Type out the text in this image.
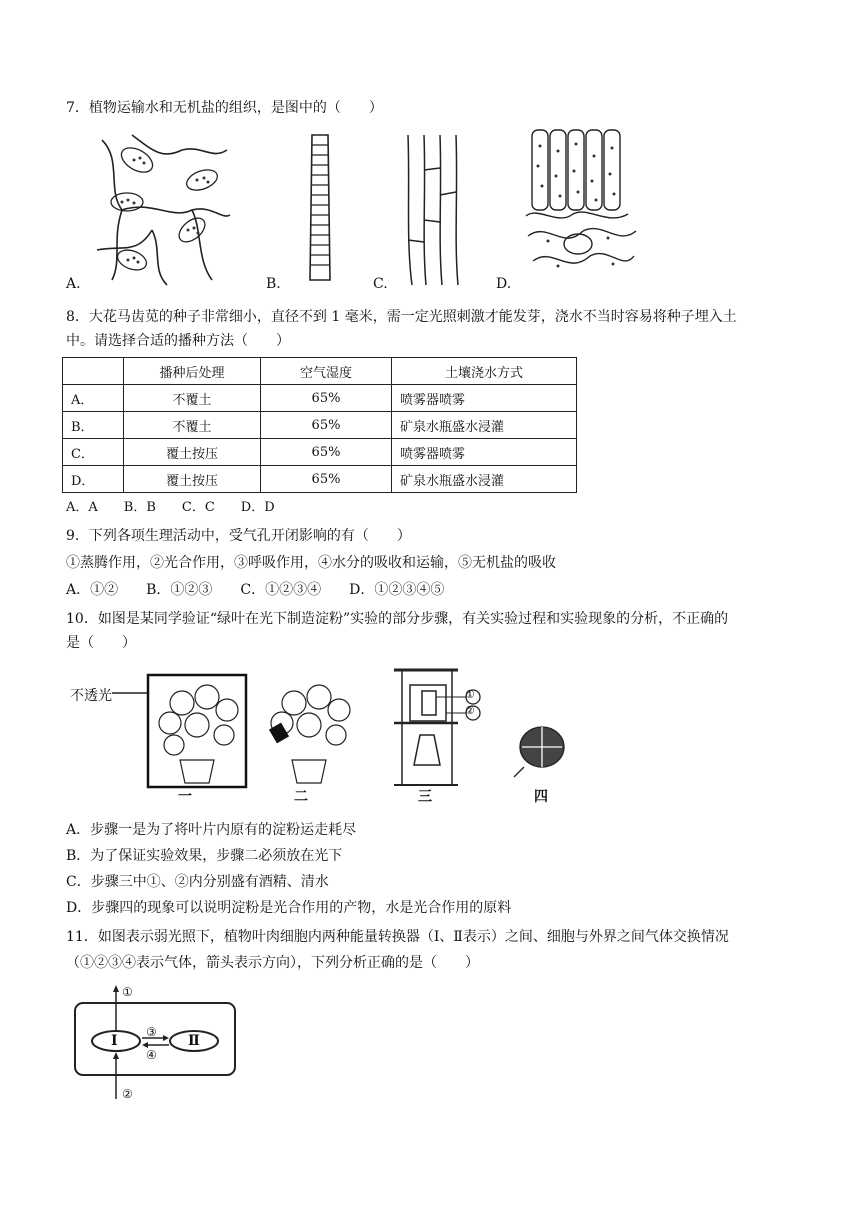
7．植物运输水和无机盐的组织，是图中的（　　）
A.	B.	C.	D.
8．大花马齿苋的种子非常细小，直径不到 1 毫米，需一定光照刺激才能发芽，浇水不当时容易将种子埋入土
中。请选择合适的播种方法（　　）
	播种后处理	空气湿度	土壤浇水方式
A．	不覆土	65%	喷雾器喷雾
B．	不覆土	65%	矿泉水瓶盛水浸灌
C．	覆土按压	65%	喷雾器喷雾
D．	覆土按压	65%	矿泉水瓶盛水浸灌
A．A　　B．B　　C．C　　D．D
9．下列各项生理活动中，受气孔开闭影响的有（　　）
①蒸腾作用，②光合作用，③呼吸作用，④水分的吸收和运输，⑤无机盐的吸收
A．①②　　B．①②③　　C．①②③④　　D．①②③④⑤
10．如图是某同学验证“绿叶在光下制造淀粉”实验的部分步骤，有关实验过程和实验现象的分析，不正确的
是（　　）
不透光	①
②
一	二	三	四
A．步骤一是为了将叶片内原有的淀粉运走耗尽
B．为了保证实验效果，步骤二必须放在光下
C．步骤三中①、②内分别盛有酒精、清水
D．步骤四的现象可以说明淀粉是光合作用的产物，水是光合作用的原料
11．如图表示弱光照下，植物叶肉细胞内两种能量转换器（Ⅰ、Ⅱ表示）之间、细胞与外界之间气体交换情况
（①②③④表示气体，箭头表示方向），下列分析正确的是（　　）
Ⅰ	Ⅱ
①
②
③
④
